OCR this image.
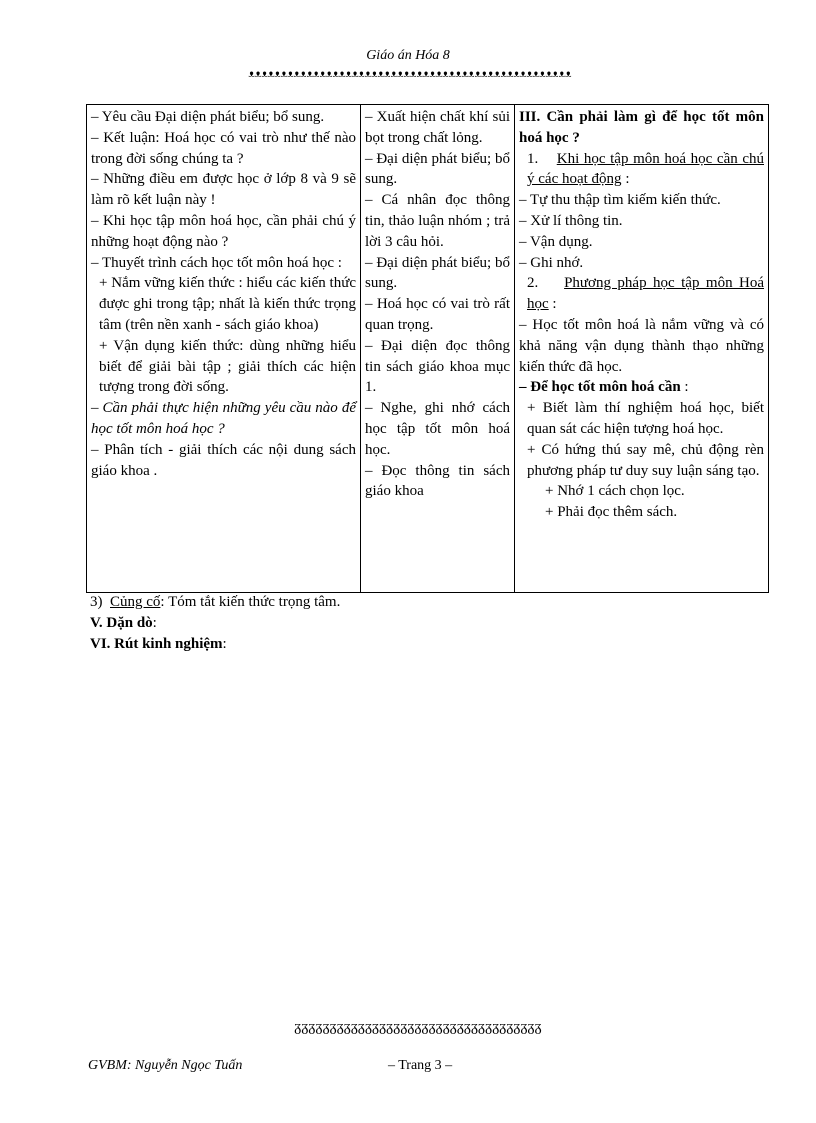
Giáo án Hóa 8
ᴥᴥᴥᴥᴥᴥᴥᴥᴥᴥᴥᴥᴥᴥᴥᴥᴥᴥᴥᴥᴥᴥᴥᴥᴥᴥᴥᴥᴥᴥᴥᴥᴥᴥᴥᴥᴥᴥᴥᴥᴥᴥᴥᴥᴥᴥᴥᴥᴥᴥ
– Yêu cầu Đại diện phát biểu; bổ sung.
– Kết luận: Hoá học có vai trò như thế nào trong đời sống chúng ta ?
– Những điều em được học ở lớp 8 và 9 sẽ làm rõ kết luận này !
– Khi học tập môn hoá học, cần phải chú ý những hoạt động nào ?
– Thuyết trình cách học tốt môn hoá học :
+ Nắm vững kiến thức : hiểu các kiến thức được ghi trong tập; nhất là kiến thức trọng tâm (trên nền xanh - sách giáo khoa)
+ Vận dụng kiến thức: dùng những hiểu biết để giải bài tập ; giải thích các hiện tượng trong đời sống.
– Cần phải thực hiện những yêu cầu nào để học tốt môn hoá học ?
– Phân tích - giải thích các nội dung sách giáo khoa .

– Xuất hiện chất khí sủi bọt trong chất lỏng.
– Đại diện phát biểu; bổ sung.
– Cá nhân đọc thông tin, thảo luận nhóm ; trả lời 3 câu hỏi.
– Đại diện phát biểu; bổ sung.
– Hoá học có vai trò rất quan trọng.
– Đại diện đọc thông tin sách giáo khoa mục 1.
– Nghe, ghi nhớ cách học tập tốt môn hoá học.
– Đọc thông tin sách giáo khoa

III. Cần phải làm gì để học tốt môn hoá học ?
1. Khi học tập môn hoá học cần chú ý các hoạt động :
– Tự thu thập tìm kiếm kiến thức.
– Xử lí thông tin.
– Vận dụng.
– Ghi nhớ.
2. Phương pháp học tập môn Hoá học :
– Học tốt môn hoá là nắm vững và có khả năng vận dụng thành thạo những kiến thức đã học.
– Để học tốt môn hoá cần :
+ Biết làm thí nghiệm hoá học, biết quan sát các hiện tượng hoá học.
+ Có hứng thú say mê, chủ động rèn phương pháp tư duy suy luận sáng tạo.
+ Nhớ 1 cách chọn lọc.
+ Phải đọc thêm sách.
3) Củng cố: Tóm tắt kiến thức trọng tâm.
V. Dặn dò:
VI. Rút kinh nghiệm:
ᵹᵹᵹᵹᵹᵹᵹᵹᵹᵹᵹᵹᵹᵹᵹᵹᵹᵹᵹᵹᵹᵹᵹᵹᵹᵹᵹᵹᵹᵹᵹᵹᵹᵹᵹ
GVBM: Nguyễn Ngọc Tuấn	– Trang 3 –
